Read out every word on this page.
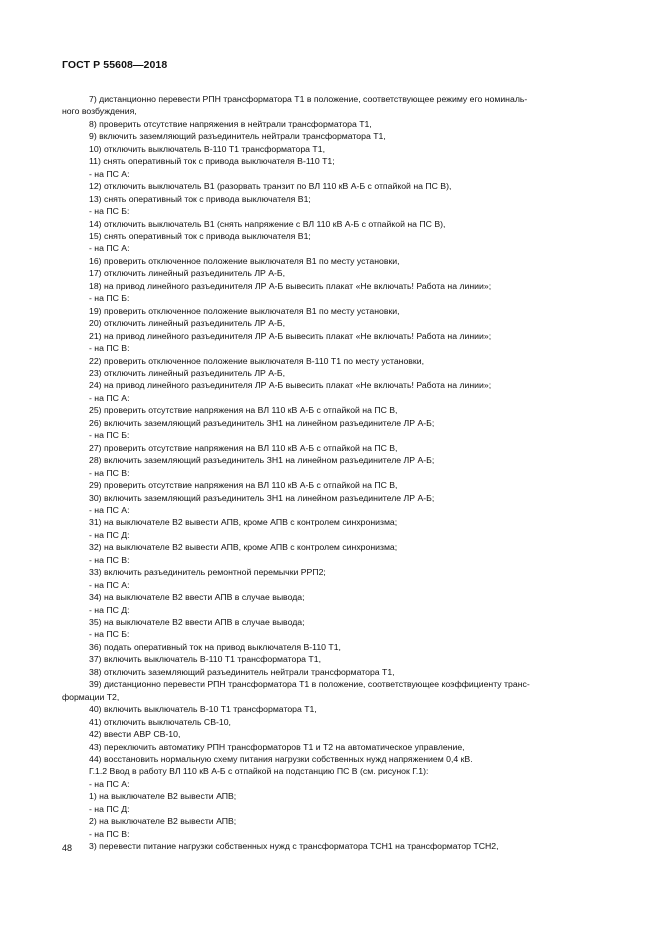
ГОСТ Р 55608—2018
7) дистанционно перевести РПН трансформатора Т1 в положение, соответствующее режиму его номиналь-
ного возбуждения,
8) проверить отсутствие напряжения в нейтрали трансформатора Т1,
9) включить заземляющий разъединитель нейтрали трансформатора Т1,
10) отключить выключатель В-110 Т1 трансформатора Т1,
11) снять оперативный ток с привода выключателя В-110 Т1;
- на ПС А:
12) отключить выключатель В1 (разорвать транзит по ВЛ 110 кВ А-Б с отпайкой на ПС В),
13) снять оперативный ток с привода выключателя В1;
- на ПС Б:
14) отключить выключатель В1 (снять напряжение с ВЛ 110 кВ А-Б с отпайкой на ПС В),
15) снять оперативный ток с привода выключателя В1;
- на ПС А:
16) проверить отключенное положение выключателя В1 по месту установки,
17) отключить линейный разъединитель ЛР А-Б,
18) на привод линейного разъединителя ЛР А-Б вывесить плакат «Не включать! Работа на линии»;
- на ПС Б:
19) проверить отключенное положение выключателя В1 по месту установки,
20) отключить линейный разъединитель ЛР А-Б,
21) на привод линейного разъединителя ЛР А-Б вывесить плакат «Не включать! Работа на линии»;
- на ПС В:
22) проверить отключенное положение выключателя В-110 Т1 по месту установки,
23) отключить линейный разъединитель ЛР А-Б,
24) на привод линейного разъединителя ЛР А-Б вывесить плакат «Не включать! Работа на линии»;
- на ПС А:
25) проверить отсутствие напряжения на ВЛ 110 кВ А-Б с отпайкой на ПС В,
26) включить заземляющий разъединитель ЗН1 на линейном разъединителе ЛР А-Б;
- на ПС Б:
27) проверить отсутствие напряжения на ВЛ 110 кВ А-Б с отпайкой на ПС В,
28) включить заземляющий разъединитель ЗН1 на линейном разъединителе ЛР А-Б;
- на ПС В:
29) проверить отсутствие напряжения на ВЛ 110 кВ А-Б с отпайкой на ПС В,
30) включить заземляющий разъединитель ЗН1 на линейном разъединителе ЛР А-Б;
- на ПС А:
31) на выключателе В2 вывести АПВ, кроме АПВ с контролем синхронизма;
- на ПС Д:
32) на выключателе В2 вывести АПВ, кроме АПВ с контролем синхронизма;
- на ПС В:
33) включить разъединитель ремонтной перемычки РРП2;
- на ПС А:
34) на выключателе В2 ввести АПВ в случае вывода;
- на ПС Д:
35) на выключателе В2 ввести АПВ в случае вывода;
- на ПС Б:
36) подать оперативный ток на привод выключателя В-110 Т1,
37) включить выключатель В-110 Т1 трансформатора Т1,
38) отключить заземляющий разъединитель нейтрали трансформатора Т1,
39) дистанционно перевести РПН трансформатора Т1 в положение, соответствующее коэффициенту транс-
формации Т2,
40) включить выключатель В-10 Т1 трансформатора Т1,
41) отключить выключатель СВ-10,
42) ввести АВР СВ-10,
43) переключить автоматику РПН трансформаторов Т1 и Т2 на автоматическое управление,
44) восстановить нормальную схему питания нагрузки собственных нужд напряжением 0,4 кВ.
Г.1.2 Ввод в работу ВЛ 110 кВ А-Б с отпайкой на подстанцию ПС В (см. рисунок Г.1):
- на ПС А:
1) на выключателе В2 вывести АПВ;
- на ПС Д:
2) на выключателе В2 вывести АПВ;
- на ПС В:
3) перевести питание нагрузки собственных нужд с трансформатора ТСН1 на трансформатор ТСН2,
48
